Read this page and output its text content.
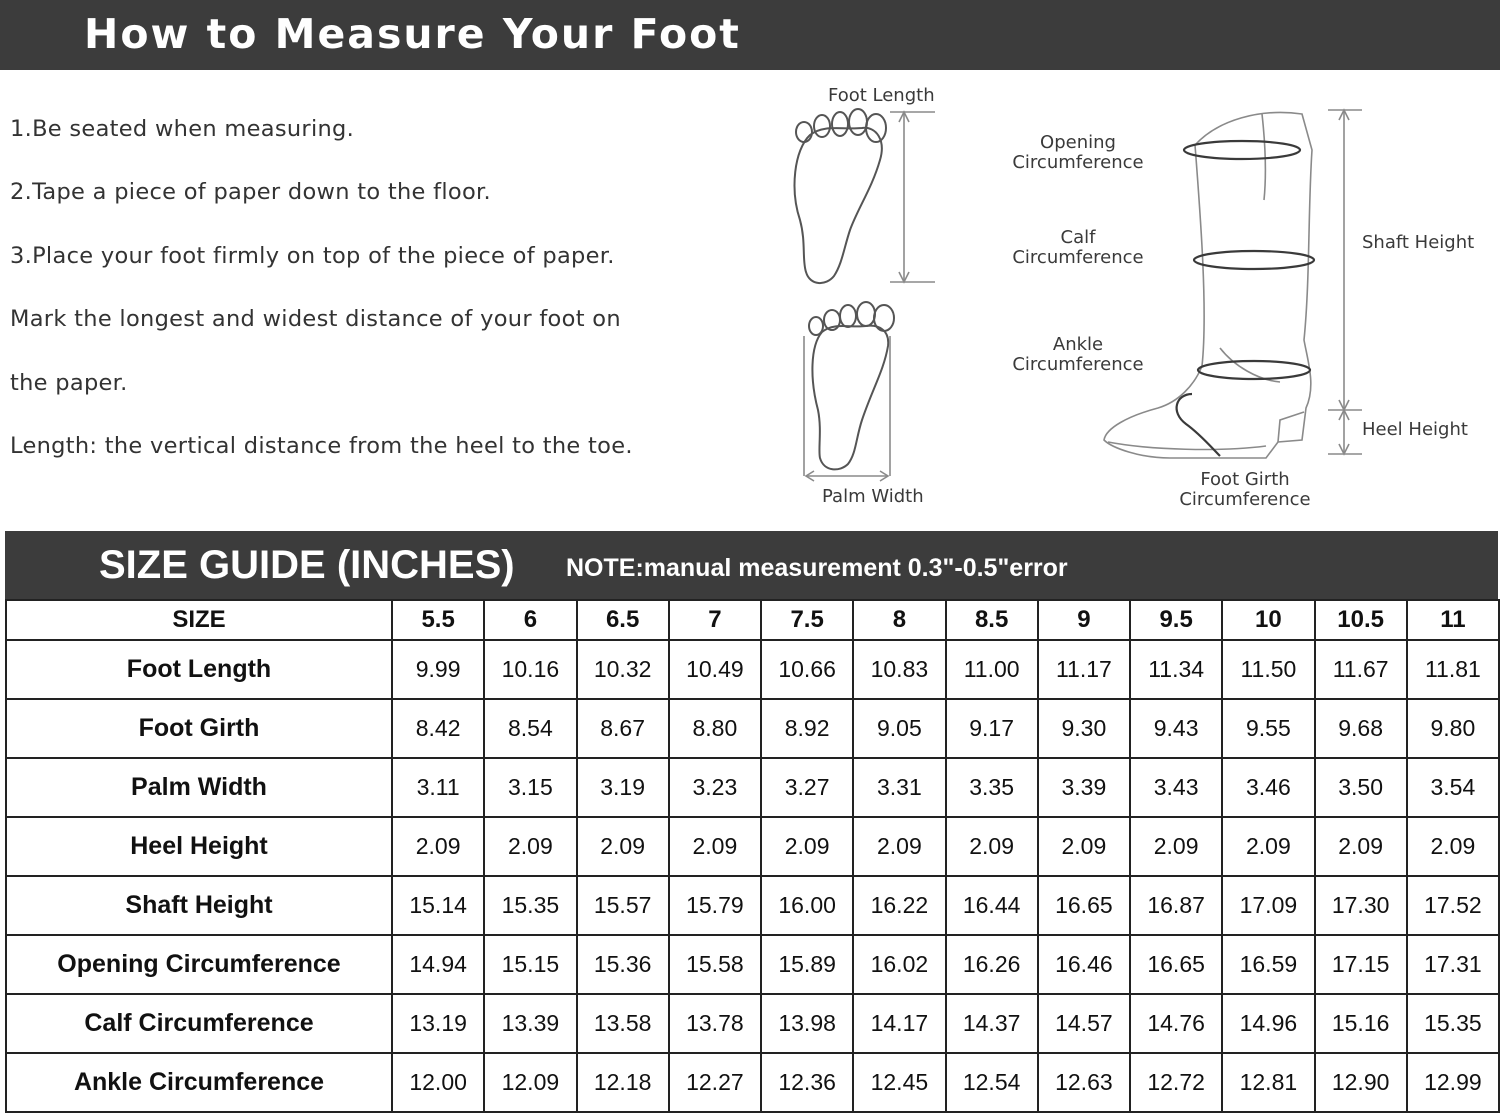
How to Measure Your Foot
1.Be seated when measuring.
2.Tape a piece of paper down to the floor.
3.Place your foot firmly on top of the piece of paper.
Mark the longest and widest distance of your foot on
the paper.
Length: the vertical distance from the heel to the toe.
Foot Length
Palm Width
Opening
Circumference
Calf
Circumference
Ankle
Circumference
Foot Girth
Circumference
Shaft Height
Heel Height
SIZE GUIDE (INCHES) NOTE:manual measurement 0.3"-0.5"error
SIZE	5.5	6	6.5	7	7.5	8	8.5	9	9.5	10	10.5	11
Foot Length	9.99	10.16	10.32	10.49	10.66	10.83	11.00	11.17	11.34	11.50	11.67	11.81
Foot Girth	8.42	8.54	8.67	8.80	8.92	9.05	9.17	9.30	9.43	9.55	9.68	9.80
Palm Width	3.11	3.15	3.19	3.23	3.27	3.31	3.35	3.39	3.43	3.46	3.50	3.54
Heel Height	2.09	2.09	2.09	2.09	2.09	2.09	2.09	2.09	2.09	2.09	2.09	2.09
Shaft Height	15.14	15.35	15.57	15.79	16.00	16.22	16.44	16.65	16.87	17.09	17.30	17.52
Opening Circumference	14.94	15.15	15.36	15.58	15.89	16.02	16.26	16.46	16.65	16.59	17.15	17.31
Calf Circumference	13.19	13.39	13.58	13.78	13.98	14.17	14.37	14.57	14.76	14.96	15.16	15.35
Ankle Circumference	12.00	12.09	12.18	12.27	12.36	12.45	12.54	12.63	12.72	12.81	12.90	12.99
